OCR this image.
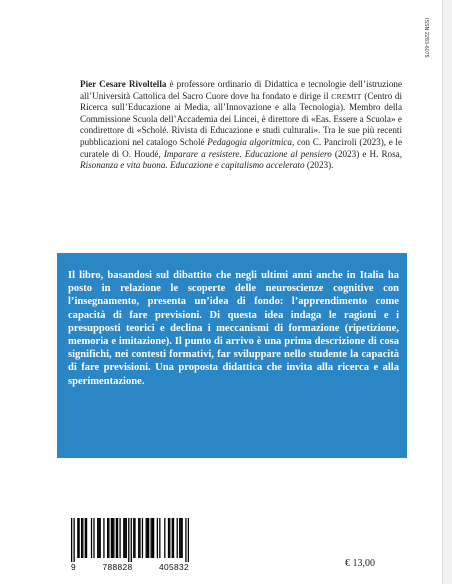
ISSN 2283-6075
Pier Cesare Rivoltella è professore ordinario di Didattica e tecnologie dell’istruzione all’Università Cattolica del Sacro Cuore dove ha fondato e dirige il CREMIT (Centro di Ricerca sull’Educazione ai Media, all’Innovazione e alla Tecnologia). Membro della Commissione Scuola dell’Accademia dei Lincei, è direttore di «Eas. Essere a Scuola» e condirettore di «Scholé. Rivista di Educazione e studi culturali». Tra le sue più recenti pubblicazioni nel catalogo Scholé Pedagogia algoritmica, con C. Panciroli (2023), e le curatele di O. Houdé, Imparare a resistere. Educazione al pensiero (2023) e H. Rosa, Risonanza e vita buona. Educazione e capitalismo accelerato (2023).
Il libro, basandosi sul dibattito che negli ultimi anni anche in Italia ha posto in relazione le scoperte delle neuroscienze cognitive con l’insegnamento, presenta un’idea di fondo: l’apprendimento come capacità di fare previsioni. Di questa idea indaga le ragioni e i presupposti teorici e declina i meccanismi di formazione (ripetizione, memoria e imitazione). Il punto di arrivo è una prima descrizione di cosa significhi, nei contesti formativi, far sviluppare nello studente la capacità di fare previsioni. Una proposta didattica che invita alla ricerca e alla sperimentazione.
9	788828	405832	€ 13,00
